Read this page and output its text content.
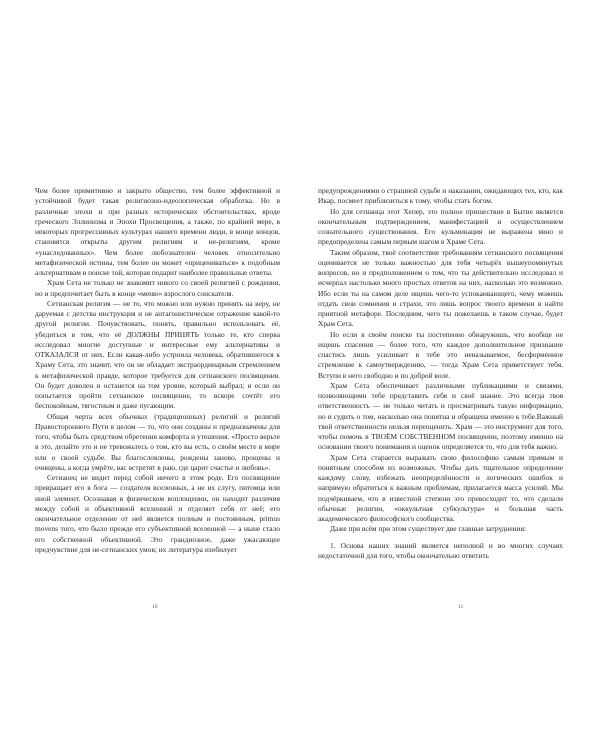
Чем более примитивно и закрыто общество, тем более эффективной и устойчивой будет такая религиозно-идеологическая обработка. Но в различные эпохи и при разных исторических обстоятельствах, вроде греческого Эллинизма и Эпохи Просвещения, а также, по крайней мере, в некоторых прогрессивных культурах нашего времени люди, в конце концов, становятся открыты другим религиям и не-религиям, кроме «унаследованных». Чем более любознателен человек относительно метафизической истины, тем более он может «прицениваться» к подобным альтернативам в поиске той, которая подарит наиболее правильные ответы.

Храм Сета не только не знакомит никого со своей религией с рождения, но и предпочитает быть в конце «меню» взрослого соискателя.

Сетианская религия — не то, что можно или нужно принять на веру, не даруемая с детства инструкция и не антагонистическое отражение какой-то другой религии. Почувствовать, понять, правильно использовать её, убедиться в том, что её ДОЛЖНЫ ПРИНЯТЬ только те, кто сперва исследовал многие доступные и интересные ему альтернативы и ОТКАЗАЛСЯ от них. Если какая-либо устроила человека, обратившегося к Храму Сета, это значит, что он не обладает экстраординарным стремлением к метафизической правде, которое требуется для сетианского посвящения. Он будет доволен и останется на том уровне, который выбрал; и если он попытается пройти сетианское посвящение, то вскоре сочтёт его беспокойным, тягостным и даже пугающим.

Общая черта всех обычных (традиционных) религий и религий Правостороннего Пути в целом — то, что они созданы и предназначены для того, чтобы быть средством обретения комфорта и утешения. «Просто верьте в это, делайте это и не тревожьтесь о том, кто вы есть, о своём месте в мире или о своей судьбе. Вы благословлены, рождены заново, прощены и очищены, а когда умрёте, вас встретят в раю, где царит счастье и любовь».

Сетианец не видит перед собой ничего в этом роде. Его посвящение превращает его в бога — создателя вселенных, а не их слугу, питомца или иной элемент. Осознавая в физическом воплощении, он находит различия между собой и объективной вселенной и отделяет себя от неё; его окончательное отделение от неё является полным и постоянным, primus movens того, что было прежде его субъективной вселенной — а ныне стало его собственной объективной. Это грандиозное, даже ужасающее предчувствие для не-сетианских умов; их литература изобилует

10

предупреждениями о страшной судьбе и наказании, ожидающих тех, кто, как Икар, посмеет приблизиться к тому, чтобы стать богом.

Но для сетианца этот Хепер, это полное пришествие в Бытие является окончательным подтверждением, манифестацией и осуществлением сознательного существования. Его кульминация не выражена явно и предопределена самым первым шагом в Храме Сета.

Таким образом, твоё соответствие требованиям сетианского посвящения оценивается не только важностью для тебя четырёх вышеупомянутых вопросов, но и предположением о том, что ты действительно исследовал и исчерпал настолько много простых ответов на них, насколько это возможно. Ибо если ты на самом деле ищешь чего-то успокаивающего, чему можешь отдать свои сомнения и страхи, это лишь вопрос твоего времени в найти приятной метафоре. Последним, чего ты пожелаешь в таком случае, будет Храм Сета.

Но если в своём поиске ты постепенно обнаружишь, что вообще не ищешь спасения — более того, что каждое дополнительное признание спастись лишь усиливает в тебе это неназываемое, бесформенное стремление к самоутверждению, — тогда Храм Сета приветствует тебя. Вступи в него свободно и по доброй воле.

Храм Сета обеспечивает различными публикациями и связями, позволяющими тебе представить себя и своё знание. Это всегда твоя ответственность — не только читать и просматривать такую информацию, но и судить о том, насколько она понятна и обращена именно к тебе.Важный твой ответственности нельзя переоценить. Храм — это инструмент для того, чтобы помочь в ТВОЁМ СОБСТВЕННОМ посвящении, поэтому именно на основании твоего понимания и оценок определяется то, что для тебя важно.

Храм Сета старается выражать свою философию самым прямым и понятным способом из возможных. Чтобы дать тщательное определение каждому слову, избежать неопределённости и логических ошибок и напрямую обратиться к важным проблемам, прилагается масса усилий. Мы подчёркиваем, что в известной степени это превосходит то, что сделали обычные религии, «оккультная субкультура» и большая часть академического философского сообщества.

Даже при всём при этом существует две главные затруднения:

1. Основа наших знаний является неполной и во многих случаях недостаточной для того, чтобы окончательно ответить
11
